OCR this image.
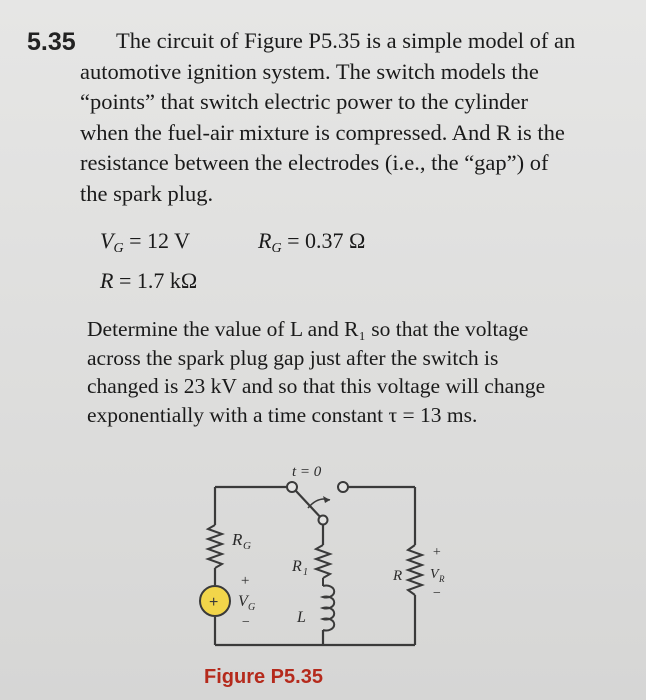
5.35	The circuit of Figure P5.35 is a simple model of an
automotive ignition system. The switch models the
“points” that switch electric power to the cylinder
when the fuel-air mixture is compressed. And R is the
resistance between the electrodes (i.e., the “gap”) of
the spark plug.
$V_G = 12$ V	$R_G = 0.37$ Ω
R = 1.7 kΩ
Determine the value of L and R₁ so that the voltage
across the spark plug gap just after the switch is
changed is 23 kV and so that this voltage will change
exponentially with a time constant τ = 13 ms.
+
t = 0
R G
+
V G
−
R 1
L
R
+
V R
−
Figure P5.35
